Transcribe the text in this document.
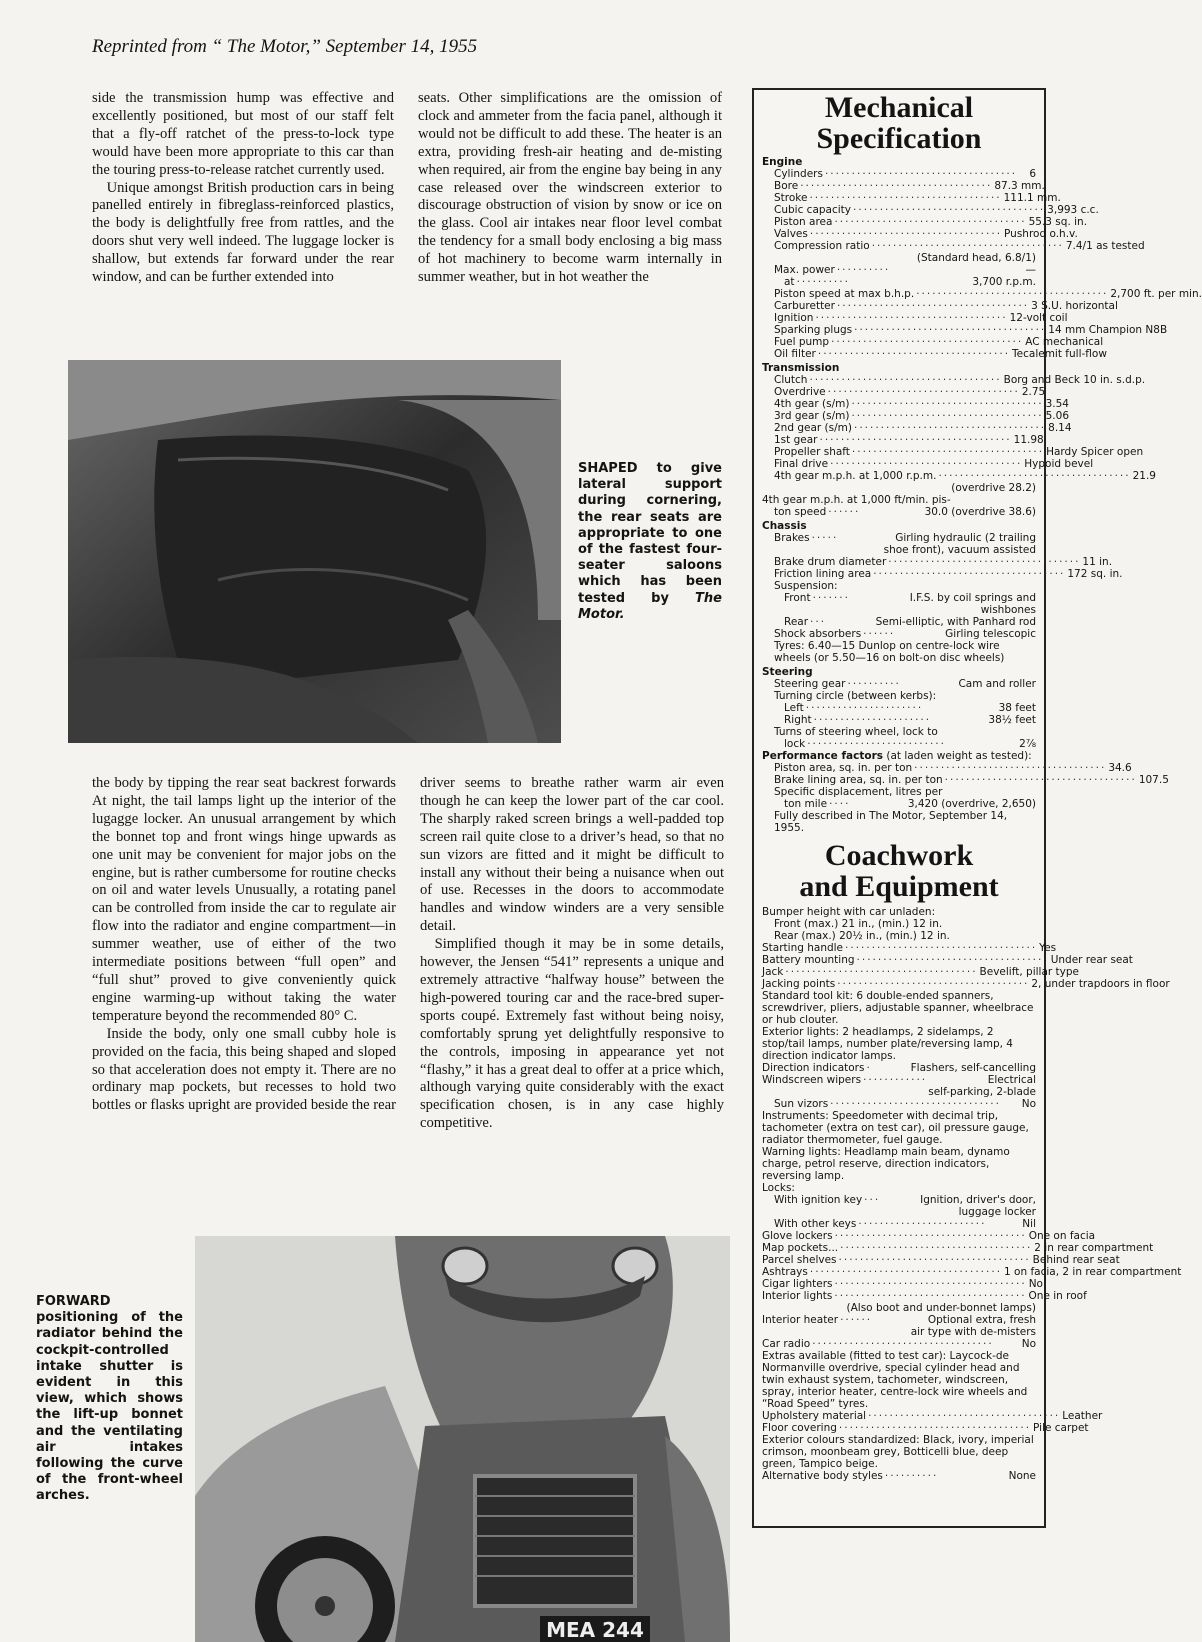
Reprinted from “ The Motor,” September 14, 1955

side the transmission hump was effective and excellently positioned, but most of our staff felt that a fly-off ratchet of the press-to-lock type would have been more appropriate to this car than the touring press-to-release ratchet currently used.

Unique amongst British production cars in being panelled entirely in fibreglass-reinforced plastics, the body is delightfully free from rattles, and the doors shut very well indeed. The luggage locker is shallow, but extends far forward under the rear window, and can be further extended into

seats. Other simplifications are the omission of clock and ammeter from the facia panel, although it would not be difficult to add these. The heater is an extra, providing fresh-air heating and de-misting when required, air from the engine bay being in any case released over the windscreen exterior to discourage obstruction of vision by snow or ice on the glass. Cool air intakes near floor level combat the tendency for a small body enclosing a big mass of hot machinery to become warm internally in summer weather, but in hot weather the

SHAPED to give lateral support during cornering, the rear seats are appropriate to one of the fastest four-seater saloons which has been tested by The Motor.

the body by tipping the rear seat backrest forwards At night, the tail lamps light up the interior of the lugagge locker. An unusual arrangement by which the bonnet top and front wings hinge upwards as one unit may be convenient for major jobs on the engine, but is rather cumbersome for routine checks on oil and water levels Unusually, a rotating panel can be controlled from inside the car to regulate air flow into the radiator and engine compartment—in summer weather, use of either of the two intermediate positions between “full open” and “full shut” proved to give conveniently quick engine warming-up without taking the water temperature beyond the recommended 80° C.

Inside the body, only one small cubby hole is provided on the facia, this being shaped and sloped so that acceleration does not empty it. There are no ordinary map pockets, but recesses to hold two bottles or flasks upright are provided beside the rear

driver seems to breathe rather warm air even though he can keep the lower part of the car cool. The sharply raked screen brings a well-padded top screen rail quite close to a driver’s head, so that no sun vizors are fitted and it might be difficult to install any without their being a nuisance when out of use. Recesses in the doors to accommodate handles and window winders are a very sensible detail.

Simplified though it may be in some details, however, the Jensen “541” represents a unique and extremely attractive “halfway house” between the high-powered touring car and the race-bred super-sports coupé. Extremely fast without being noisy, comfortably sprung yet delightfully responsive to the controls, imposing in appearance yet not “flashy,” it has a great deal to offer at a price which, although varying quite considerably with the exact specification chosen, is in any case highly competitive.

MEA 244
FORWARD positioning of the radiator behind the cockpit-controlled intake shutter is evident in this view, which shows the lift-up bonnet and the ventilating air intakes following the curve of the front-wheel arches.
Mechanical
Specification
Engine
Cylinders ····································	6
Bore ···································· 87.3 mm.
Stroke ···································· 111.1 mm.
Cubic capacity ···································· 3,993 c.c.
Piston area ···································· 55.3 sq. in.
Valves ···································· Pushrod o.h.v.
Compression ratio ···································· 7.4/1 as tested
(Standard head, 6.8/1)
Max. power ··········	—
at ··········	3,700 r.p.m.
Piston speed at max b.h.p. ···································· 2,700 ft. per min.
Carburetter ···································· 3 S.U. horizontal
Ignition ···································· 12-volt coil
Sparking plugs ···································· 14 mm Champion N8B
Fuel pump ···································· AC mechanical
Oil filter ···································· Tecalemit full-flow
Transmission
Clutch ···································· Borg and Beck 10 in. s.d.p.
Overdrive ···································· 2.75
4th gear (s/m) ···································· 3.54
3rd gear (s/m) ···································· 5.06
2nd gear (s/m) ···································· 8.14
1st gear ···································· 11.98
Propeller shaft ···································· Hardy Spicer open
Final drive ···································· Hypoid bevel
4th gear m.p.h. at 1,000 r.p.m. ···································· 21.9
(overdrive 28.2)
4th gear m.p.h. at 1,000 ft/min. pis-
ton speed ······	30.0 (overdrive 38.6)
Chassis
Brakes ·····	Girling hydraulic (2 trailing
shoe front), vacuum assisted
Brake drum diameter ···································· 11 in.
Friction lining area ···································· 172 sq. in.
Suspension:
Front ·······	I.F.S. by coil springs and
wishbones
Rear ···	Semi-elliptic, with Panhard rod
Shock absorbers ······	Girling telescopic
Tyres: 6.40—15 Dunlop on centre-lock wire wheels (or 5.50—16 on bolt-on disc wheels)
Steering
Steering gear ··········	Cam and roller
Turning circle (between kerbs):
Left ······················	38 feet
Right ······················	38½ feet
Turns of steering wheel, lock to
lock ··························	2⅞
Performance factors (at laden weight as tested):
Piston area, sq. in. per ton ···································· 34.6
Brake lining area, sq. in. per ton ···································· 107.5
Specific displacement, litres per
ton mile ····	3,420 (overdrive, 2,650)
Fully described in The Motor, September 14, 1955.
Coachwork
and Equipment
Bumper height with car unladen:
Front (max.) 21 in., (min.) 12 in.
Rear (max.) 20½ in., (min.) 12 in.
Starting handle ···································· Yes
Battery mounting ···································· Under rear seat
Jack ···································· Bevelift, pillar type
Jacking points ···································· 2, under trapdoors in floor
Standard tool kit: 6 double-ended spanners, screwdriver, pliers, adjustable spanner, wheelbrace or hub clouter.
Exterior lights: 2 headlamps, 2 sidelamps, 2 stop/tail lamps, number plate/reversing lamp, 4 direction indicator lamps.
Direction indicators ·	Flashers, self-cancelling
Windscreen wipers ············	Electrical
self-parking, 2-blade
Sun vizors ································	No
Instruments: Speedometer with decimal trip, tachometer (extra on test car), oil pressure gauge, radiator thermometer, fuel gauge.
Warning lights: Headlamp main beam, dynamo charge, petrol reserve, direction indicators, reversing lamp.
Locks:
With ignition key ···	Ignition, driver's door,
luggage locker
With other keys ························	Nil
Glove lockers ···································· One on facia
Map pockets... ···································· 2 in rear compartment
Parcel shelves ···································· Behind rear seat
Ashtrays ···································· 1 on facia, 2 in rear compartment
Cigar lighters ···································· No
Interior lights ···································· One in roof
(Also boot and under-bonnet lamps)
Interior heater ······	Optional extra, fresh
air type with de-misters
Car radio ··································	No
Extras available (fitted to test car): Laycock-de Normanville overdrive, special cylinder head and twin exhaust system, tachometer, windscreen, spray, interior heater, centre-lock wire wheels and “Road Speed” tyres.
Upholstery material ···································· Leather
Floor covering ···································· Pile carpet
Exterior colours standardized: Black, ivory, imperial crimson, moonbeam grey, Botticelli blue, deep green, Tampico beige.
Alternative body styles ··········	None
